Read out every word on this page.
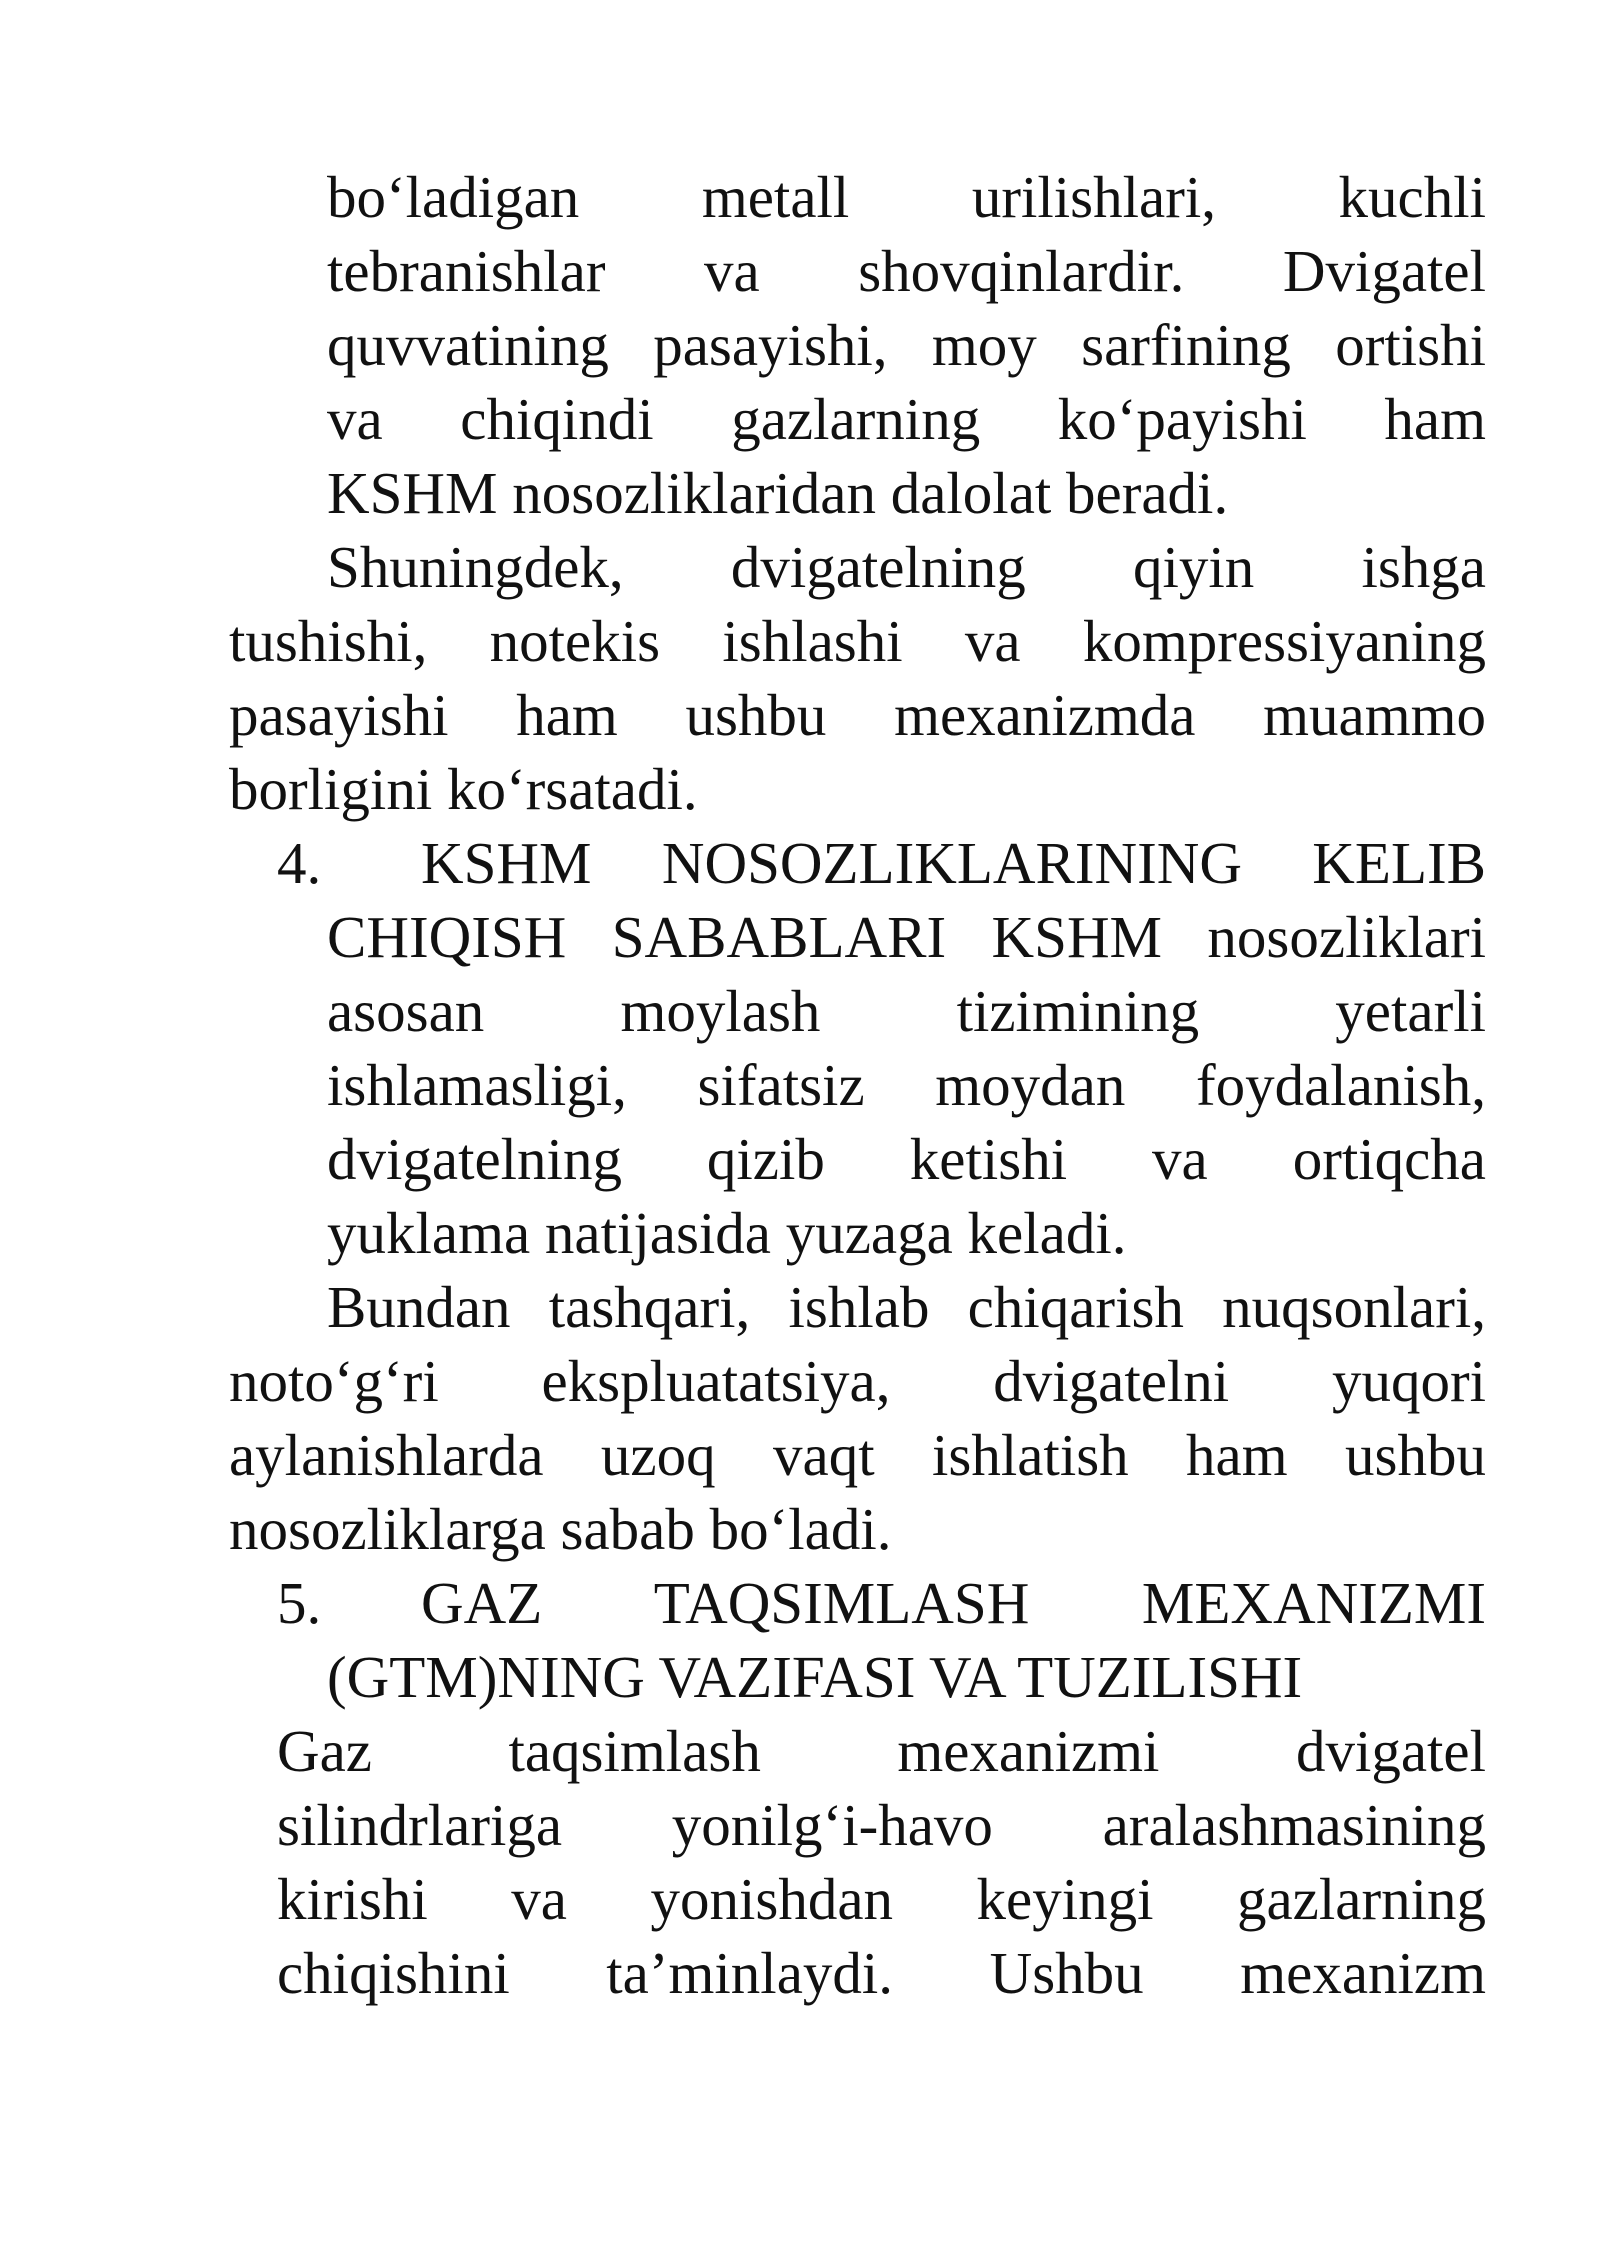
bo‘ladigan metall urilishlari, kuchli
tebranishlar va shovqinlardir. Dvigatel
quvvatining pasayishi, moy sarfining ortishi
va chiqindi gazlarning ko‘payishi ham
KSHM nosozliklaridan dalolat beradi.
Shuningdek, dvigatelning qiyin ishga
tushishi, notekis ishlashi va kompressiyaning
pasayishi ham ushbu mexanizmda muammo
borligini ko‘rsatadi.
4. KSHM NOSOZLIKLARINING KELIB
CHIQISH SABABLARI KSHM nosozliklari
asosan moylash tizimining yetarli
ishlamasligi, sifatsiz moydan foydalanish,
dvigatelning qizib ketishi va ortiqcha
yuklama natijasida yuzaga keladi.
Bundan tashqari, ishlab chiqarish nuqsonlari,
noto‘g‘ri ekspluatatsiya, dvigatelni yuqori
aylanishlarda uzoq vaqt ishlatish ham ushbu
nosozliklarga sabab bo‘ladi.
5. GAZ TAQSIMLASH MEXANIZMI
(GTM)NING VAZIFASI VA TUZILISHI
Gaz taqsimlash mexanizmi dvigatel
silindrlariga yonilg‘i-havo aralashmasining
kirishi va yonishdan keyingi gazlarning
chiqishini ta’minlaydi. Ushbu mexanizm
